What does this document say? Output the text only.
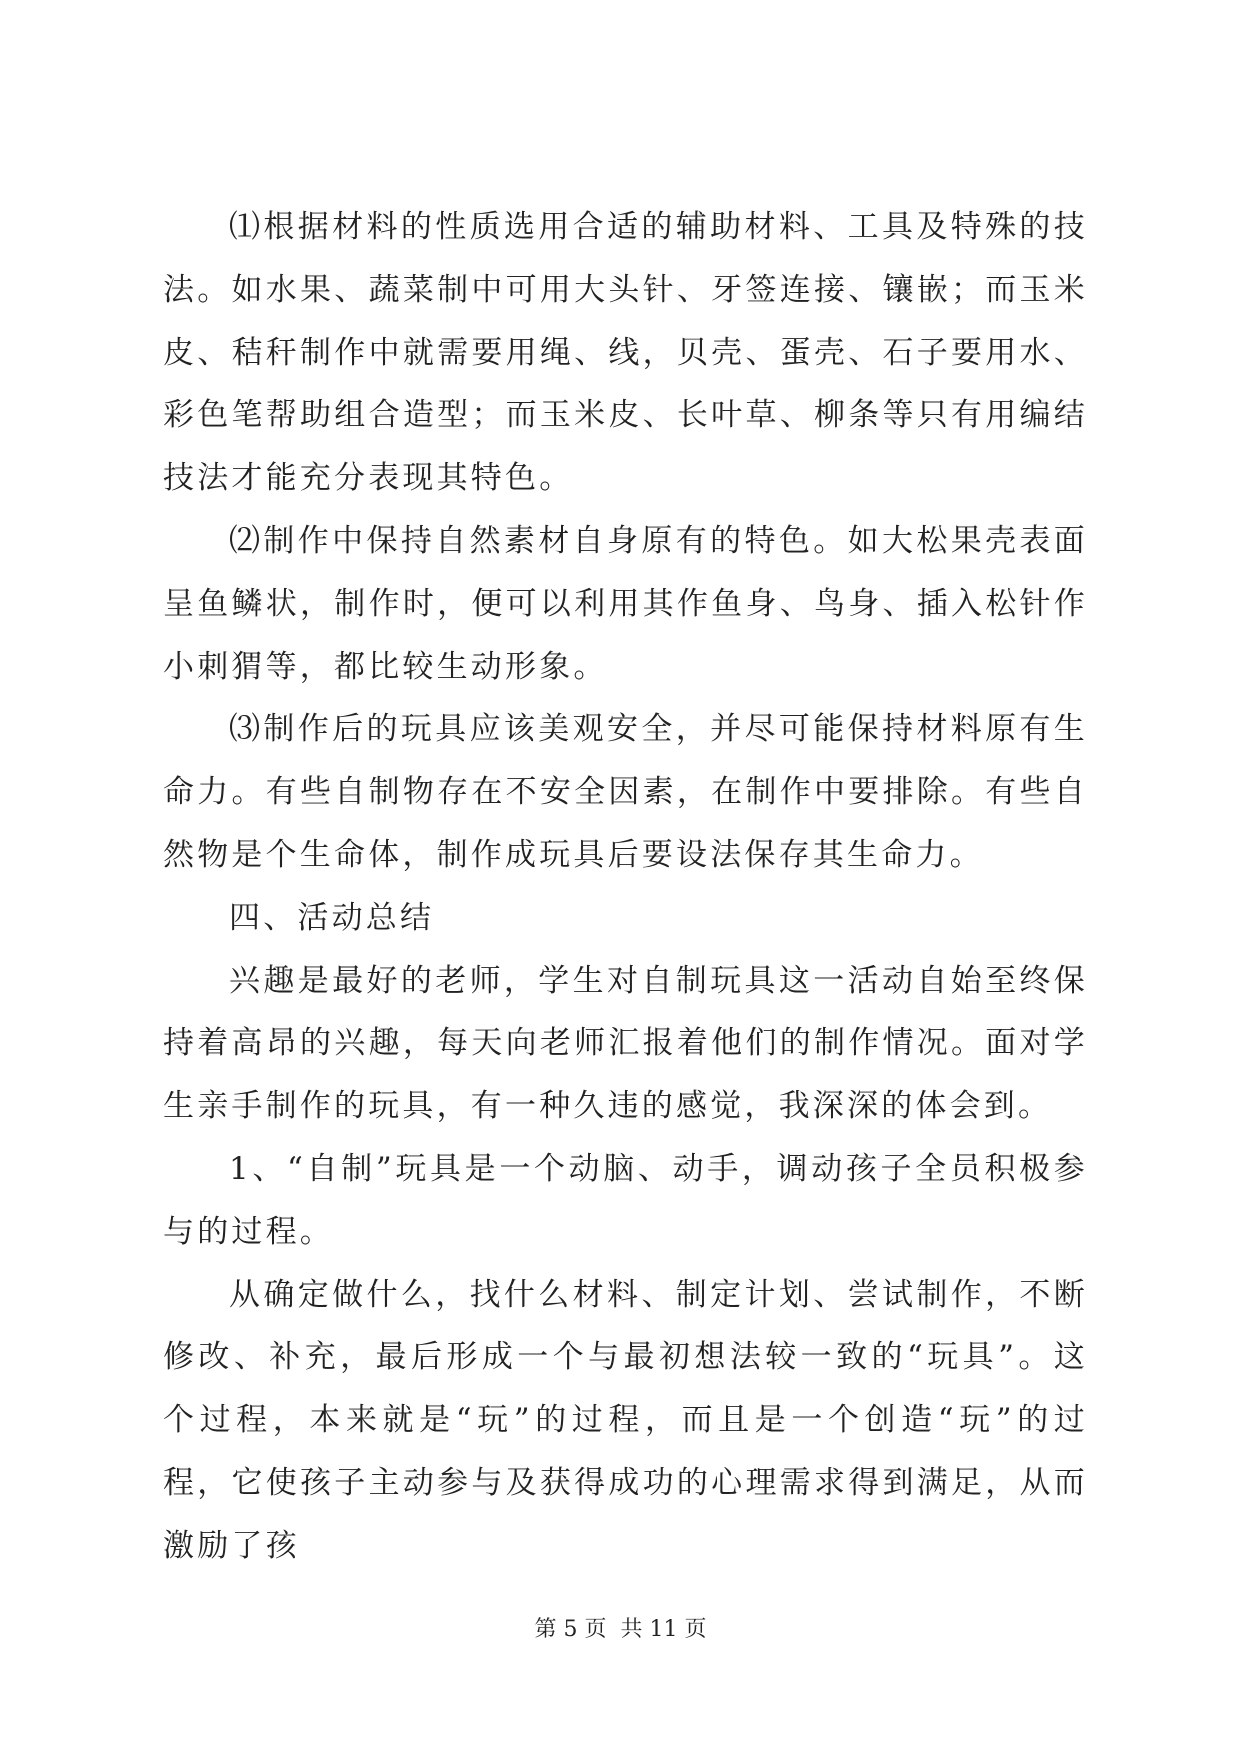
⑴根据材料的性质选用合适的辅助材料、工具及特殊的技法。如水果、蔬菜制中可用大头针、牙签连接、镶嵌；而玉米皮、秸秆制作中就需要用绳、线，贝壳、蛋壳、石子要用水、彩色笔帮助组合造型；而玉米皮、长叶草、柳条等只有用编结技法才能充分表现其特色。

⑵制作中保持自然素材自身原有的特色。如大松果壳表面呈鱼鳞状，制作时，便可以利用其作鱼身、鸟身、插入松针作小刺猬等，都比较生动形象。

⑶制作后的玩具应该美观安全，并尽可能保持材料原有生命力。有些自制物存在不安全因素，在制作中要排除。有些自然物是个生命体，制作成玩具后要设法保存其生命力。

四、活动总结

兴趣是最好的老师，学生对自制玩具这一活动自始至终保持着高昂的兴趣，每天向老师汇报着他们的制作情况。面对学生亲手制作的玩具，有一种久违的感觉，我深深的体会到。

1、“自制”玩具是一个动脑、动手，调动孩子全员积极参与的过程。

从确定做什么，找什么材料、制定计划、尝试制作，不断修改、补充，最后形成一个与最初想法较一致的“玩具”。这个过程，本来就是“玩”的过程，而且是一个创造“玩”的过程，它使孩子主动参与及获得成功的心理需求得到满足，从而激励了孩

第 5 页  共 11 页
